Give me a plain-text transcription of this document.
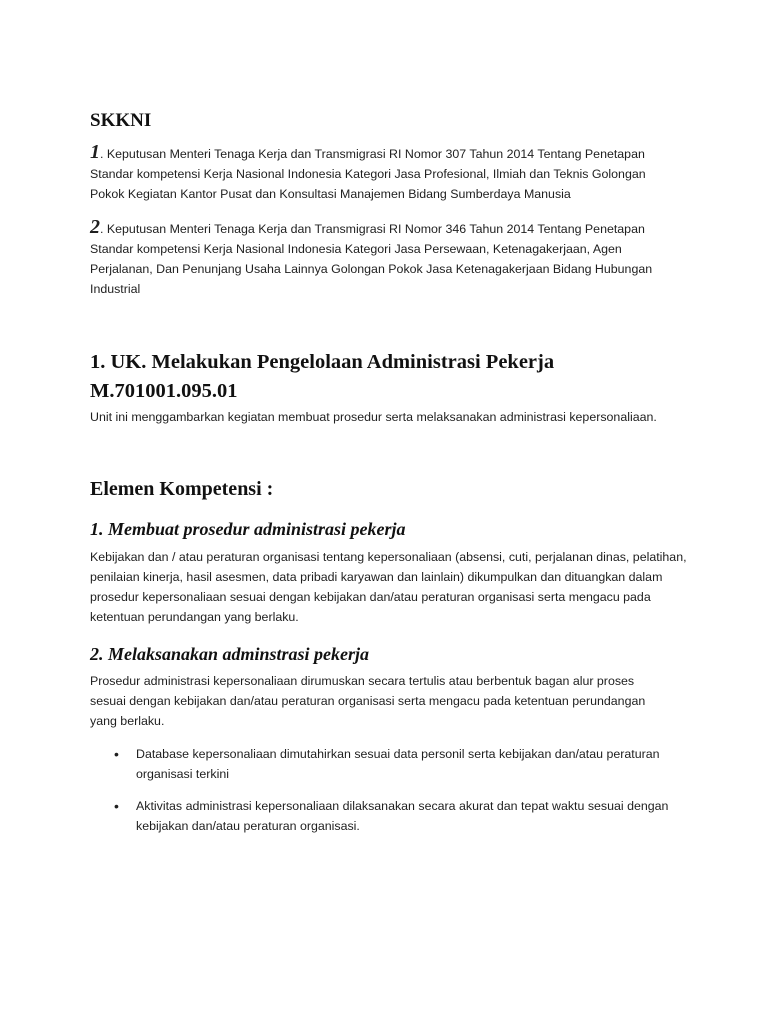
SKKNI

1. Keputusan Menteri Tenaga Kerja dan Transmigrasi RI Nomor 307 Tahun 2014 Tentang Penetapan Standar kompetensi Kerja Nasional Indonesia Kategori Jasa Profesional, Ilmiah dan Teknis Golongan Pokok Kegiatan Kantor Pusat dan Konsultasi Manajemen Bidang Sumberdaya Manusia

2. Keputusan Menteri Tenaga Kerja dan Transmigrasi RI Nomor 346 Tahun 2014 Tentang Penetapan Standar kompetensi Kerja Nasional Indonesia Kategori Jasa Persewaan, Ketenagakerjaan, Agen Perjalanan, Dan Penunjang Usaha Lainnya Golongan Pokok Jasa Ketenagakerjaan Bidang Hubungan Industrial

1. UK. Melakukan Pengelolaan Administrasi Pekerja
M.701001.095.01

Unit ini menggambarkan kegiatan membuat prosedur serta melaksanakan administrasi kepersonaliaan.

Elemen Kompetensi :
1. Membuat prosedur administrasi pekerja

Kebijakan dan / atau peraturan organisasi tentang kepersonaliaan (absensi, cuti, perjalanan dinas, pelatihan, penilaian kinerja, hasil asesmen, data pribadi karyawan dan lainlain) dikumpulkan dan dituangkan dalam prosedur kepersonaliaan sesuai dengan kebijakan dan/atau peraturan organisasi serta mengacu pada ketentuan perundangan yang berlaku.

2. Melaksanakan adminstrasi pekerja

Prosedur administrasi kepersonaliaan dirumuskan secara tertulis atau berbentuk bagan alur proses sesuai dengan kebijakan dan/atau peraturan organisasi serta mengacu pada ketentuan perundangan yang berlaku.

• Database kepersonaliaan dimutahirkan sesuai data personil serta kebijakan dan/atau peraturan organisasi terkini
• Aktivitas administrasi kepersonaliaan dilaksanakan secara akurat dan tepat waktu sesuai dengan kebijakan dan/atau peraturan organisasi.
